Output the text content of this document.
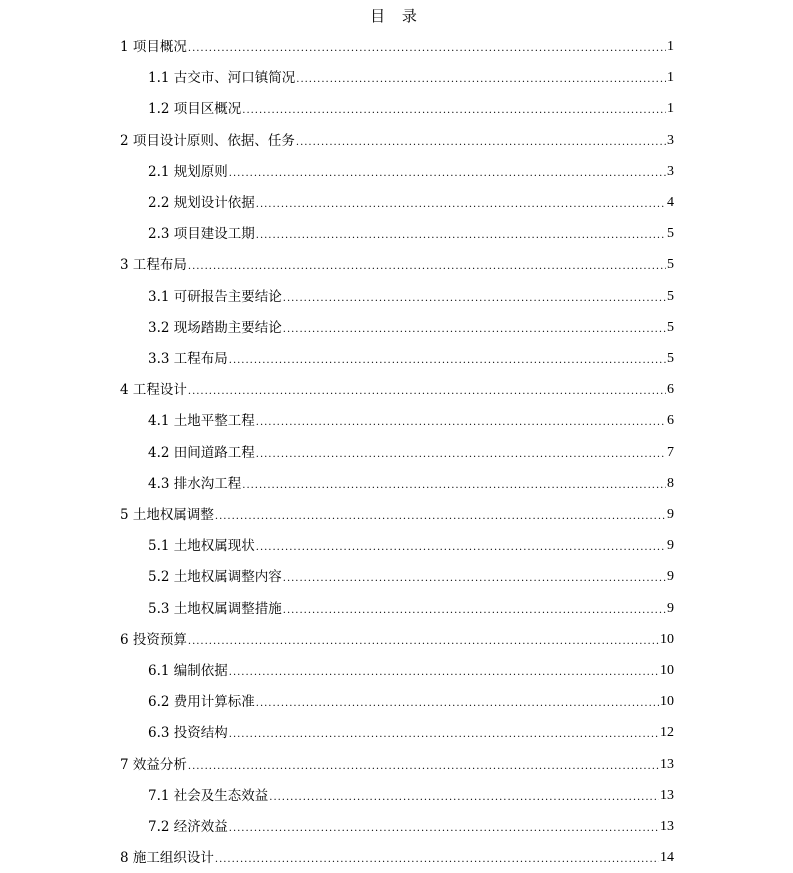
目 录
1 项目概况 .....	1
1.1 古交市、河口镇简况 .....	1
1.2 项目区概况 .....	1
2 项目设计原则、依据、任务 .....	3
2.1 规划原则 .....	3
2.2 规划设计依据 .....	4
2.3 项目建设工期 .....	5
3 工程布局 .....	5
3.1 可研报告主要结论 .....	5
3.2 现场踏勘主要结论 .....	5
3.3 工程布局 .....	5
4 工程设计 .....	6
4.1 土地平整工程 .....	6
4.2 田间道路工程 .....	7
4.3 排水沟工程 .....	8
5 土地权属调整 .....	9
5.1 土地权属现状 .....	9
5.2 土地权属调整内容 .....	9
5.3 土地权属调整措施 .....	9
6 投资预算 .....	10
6.1 编制依据 .....	10
6.2 费用计算标准 .....	10
6.3 投资结构 .....	12
7 效益分析 .....	13
7.1 社会及生态效益 .....	13
7.2 经济效益 .....	13
8 施工组织设计 .....	14
